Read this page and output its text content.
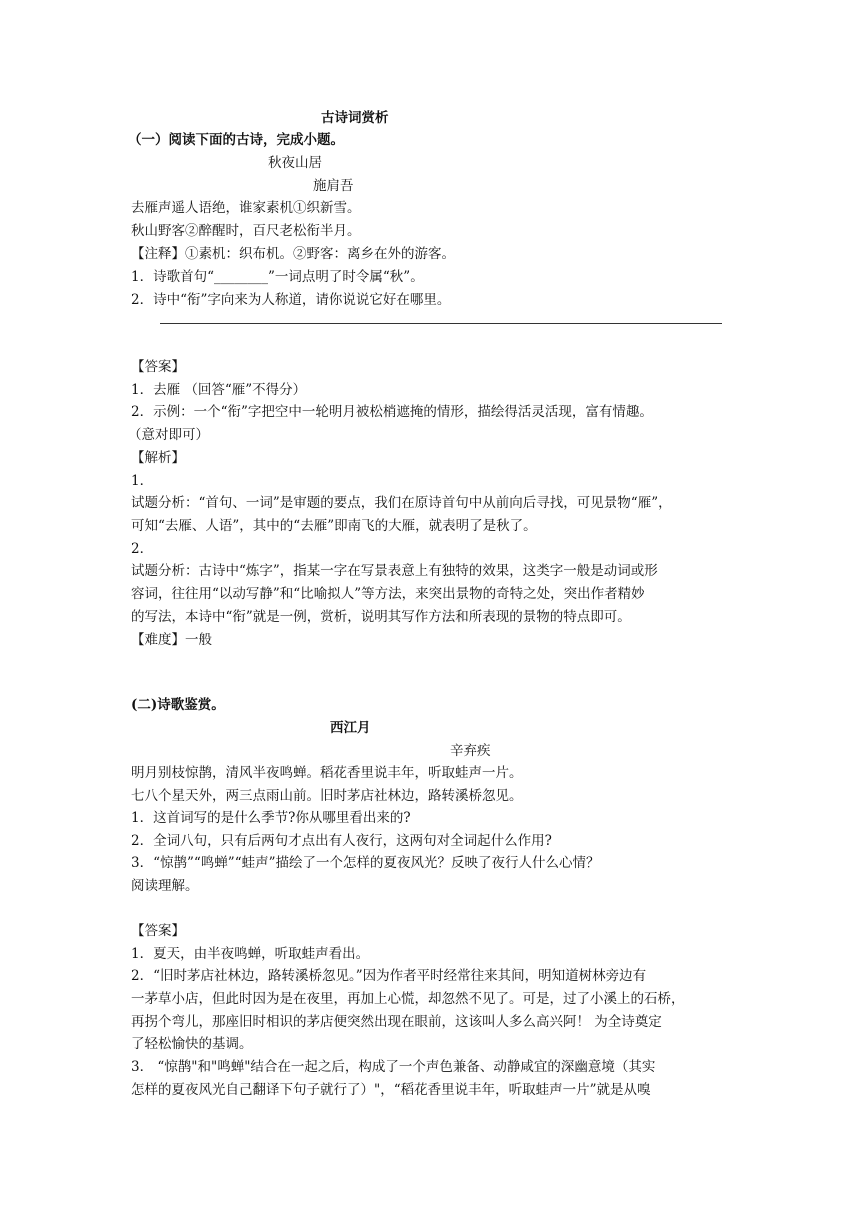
古诗词赏析
（一）阅读下面的古诗，完成小题。
秋夜山居
施肩吾
去雁声遥人语绝，谁家素机①织新雪。
秋山野客②醉醒时，百尺老松衔半月。
【注释】①素机：织布机。②野客：离乡在外的游客。
1．诗歌首句“________”一词点明了时令属“秋”。
2．诗中“衔”字向来为人称道，请你说说它好在哪里。
【答案】
1．去雁 （回答“雁”不得分）
2．示例：一个“衔”字把空中一轮明月被松梢遮掩的情形，描绘得活灵活现，富有情趣。
（意对即可）
【解析】
1．
试题分析：“首句、一词”是审题的要点，我们在原诗首句中从前向后寻找，可见景物“雁”，
可知“去雁、人语”，其中的“去雁”即南飞的大雁，就表明了是秋了。
2．
试题分析：古诗中“炼字”，指某一字在写景表意上有独特的效果，这类字一般是动词或形
容词，往往用“以动写静”和“比喻拟人”等方法，来突出景物的奇特之处，突出作者精妙
的写法，本诗中“衔”就是一例，赏析，说明其写作方法和所表现的景物的特点即可。
【难度】一般
(二)诗歌鉴赏。
西江月
辛弃疾
明月别枝惊鹊，清风半夜鸣蝉。稻花香里说丰年，听取蛙声一片。
七八个星天外，两三点雨山前。旧时茅店社林边，路转溪桥忽见。
1．这首词写的是什么季节?你从哪里看出来的?
2．全词八句，只有后两句才点出有人夜行，这两句对全词起什么作用?
3．“惊鹊”“鸣蝉”“蛙声”描绘了一个怎样的夏夜风光？反映了夜行人什么心情？
阅读理解。
【答案】
1．夏天，由半夜鸣蝉，听取蛙声看出。
2．“旧时茅店社林边，路转溪桥忽见。”因为作者平时经常往来其间，明知道树林旁边有
一茅草小店，但此时因为是在夜里，再加上心慌，却忽然不见了。可是，过了小溪上的石桥，
再拐个弯儿，那座旧时相识的茅店便突然出现在眼前，这该叫人多么高兴阿！ 为全诗奠定
了轻松愉快的基调。
3． “惊鹊"和"鸣蝉"结合在一起之后，构成了一个声色兼备、动静咸宜的深幽意境（其实
怎样的夏夜风光自己翻译下句子就行了）"，“稻花香里说丰年，听取蛙声一片”就是从嗅
